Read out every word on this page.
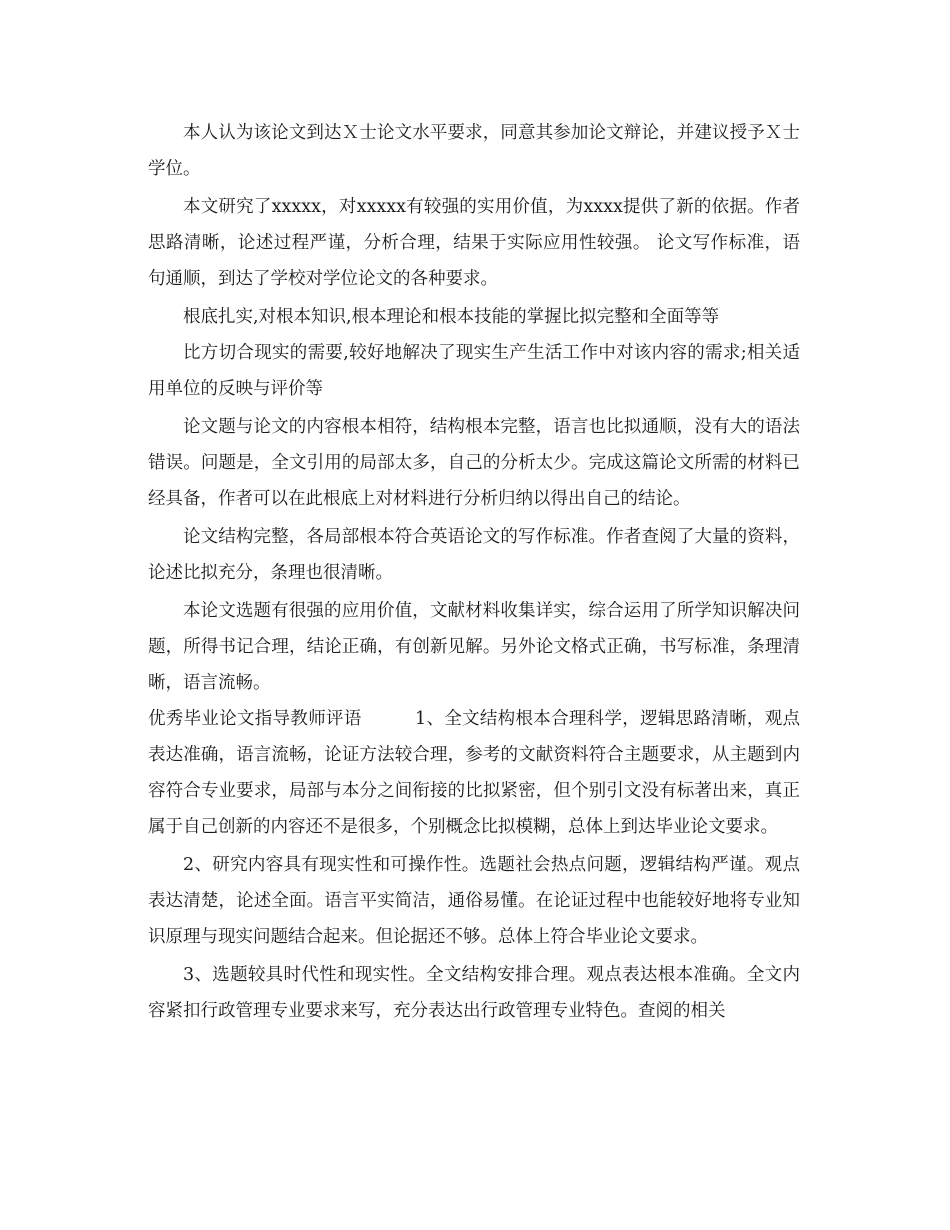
本人认为该论文到达Ｘ士论文水平要求，同意其参加论文辩论，并建议授予Ｘ士学位。

本文研究了xxxxx，对xxxxx有较强的实用价值，为xxxx提供了新的依据。作者思路清晰，论述过程严谨，分析合理，结果于实际应用性较强。 论文写作标准，语句通顺，到达了学校对学位论文的各种要求。

根底扎实,对根本知识,根本理论和根本技能的掌握比拟完整和全面等等

比方切合现实的需要,较好地解决了现实生产生活工作中对该内容的需求;相关适用单位的反映与评价等

论文题与论文的内容根本相符，结构根本完整，语言也比拟通顺，没有大的语法错误。问题是，全文引用的局部太多，自己的分析太少。完成这篇论文所需的材料已经具备，作者可以在此根底上对材料进行分析归纳以得出自己的结论。

论文结构完整，各局部根本符合英语论文的写作标准。作者查阅了大量的资料，论述比拟充分，条理也很清晰。

本论文选题有很强的应用价值，文献材料收集详实，综合运用了所学知识解决问题，所得书记合理，结论正确，有创新见解。另外论文格式正确，书写标准，条理清晰，语言流畅。

优秀毕业论文指导教师评语　　　1、全文结构根本合理科学，逻辑思路清晰，观点表达准确，语言流畅，论证方法较合理，参考的文献资料符合主题要求，从主题到内容符合专业要求，局部与本分之间衔接的比拟紧密，但个别引文没有标著出来，真正属于自己创新的内容还不是很多，个别概念比拟模糊，总体上到达毕业论文要求。

2、研究内容具有现实性和可操作性。选题社会热点问题，逻辑结构严谨。观点表达清楚，论述全面。语言平实简洁，通俗易懂。在论证过程中也能较好地将专业知识原理与现实问题结合起来。但论据还不够。总体上符合毕业论文要求。

3、选题较具时代性和现实性。全文结构安排合理。观点表达根本准确。全文内容紧扣行政管理专业要求来写，充分表达出行政管理专业特色。查阅的相关
